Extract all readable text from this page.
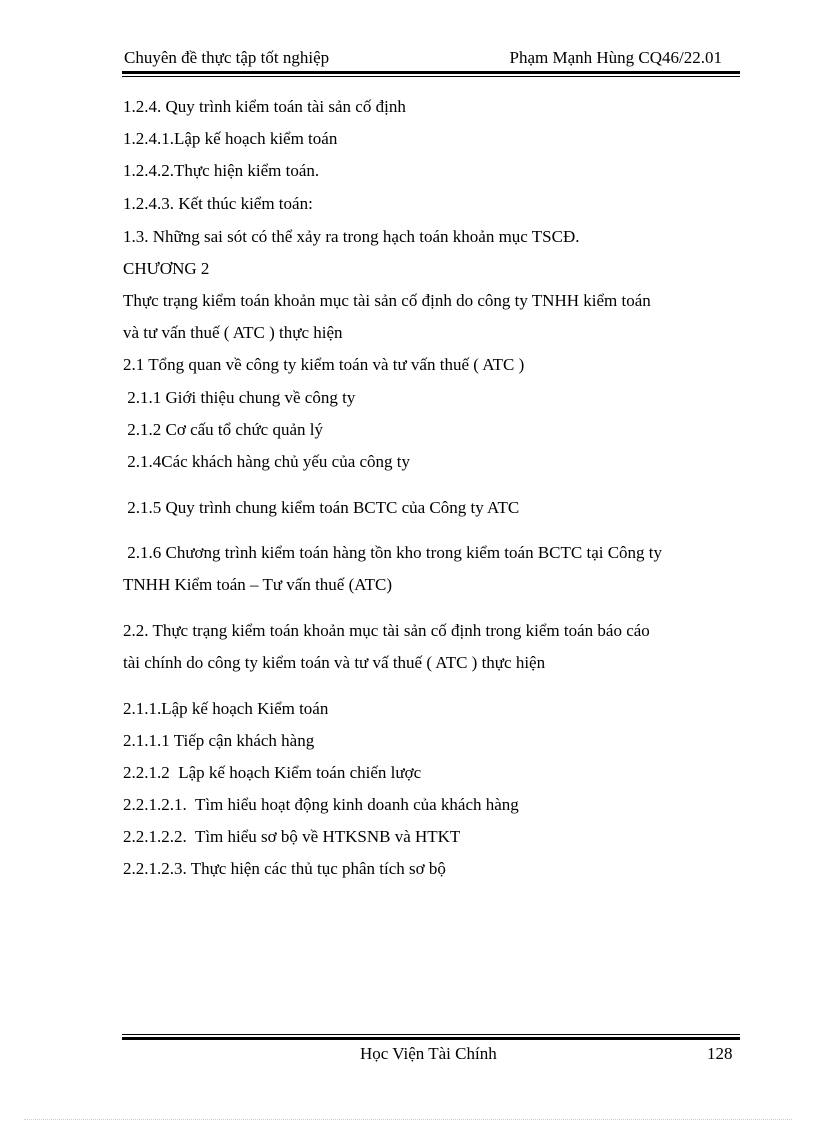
Chuyên đề thực tập tốt nghiệp	Phạm Mạnh Hùng CQ46/22.01
1.2.4. Quy trình kiểm toán tài sản cố định
1.2.4.1.Lập kế hoạch kiểm toán
1.2.4.2.Thực hiện kiểm toán.
1.2.4.3. Kết thúc kiểm toán:
1.3. Những sai sót có thể xảy ra trong hạch toán khoản mục TSCĐ.
CHƯƠNG 2
Thực trạng kiểm toán khoản mục tài sản cố định do công ty TNHH kiểm toán
và tư vấn thuế ( ATC ) thực hiện
2.1 Tổng quan về công ty kiểm toán và tư vấn thuế ( ATC )
2.1.1 Giới thiệu chung về công ty
2.1.2 Cơ cấu tổ chức quản lý
2.1.4Các khách hàng chủ yếu của công ty
2.1.5 Quy trình chung kiểm toán BCTC của Công ty ATC
2.1.6 Chương trình kiểm toán hàng tồn kho trong kiểm toán BCTC tại Công ty
TNHH Kiểm toán – Tư vấn thuế (ATC)
2.2. Thực trạng kiểm toán khoản mục tài sản cố định trong kiểm toán báo cáo
tài chính do công ty kiểm toán và tư vấ thuế ( ATC ) thực hiện
2.1.1.Lập kế hoạch Kiểm toán
2.1.1.1 Tiếp cận khách hàng
2.2.1.2  Lập kế hoạch Kiểm toán chiến lược
2.2.1.2.1.  Tìm hiểu hoạt động kinh doanh của khách hàng
2.2.1.2.2.  Tìm hiểu sơ bộ về HTKSNB và HTKT
2.2.1.2.3. Thực hiện các thủ tục phân tích sơ bộ
Học Viện Tài Chính	128
